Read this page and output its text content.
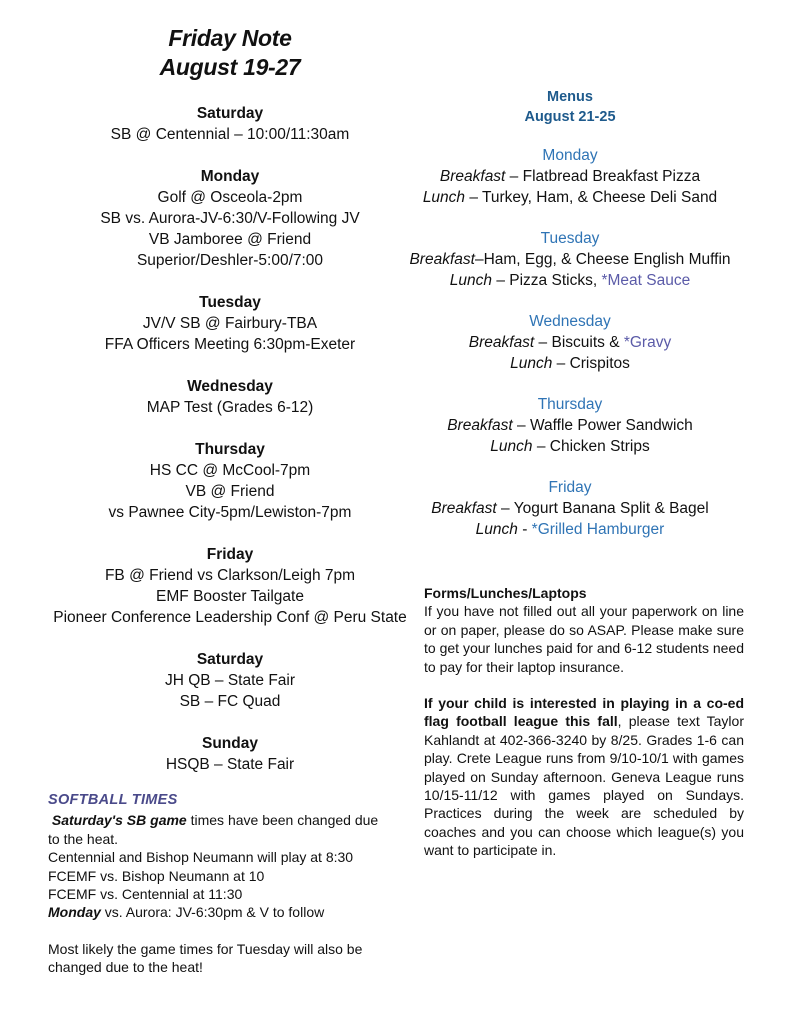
Friday Note
August 19-27
Saturday
SB @ Centennial – 10:00/11:30am
Monday
Golf @ Osceola-2pm
SB vs. Aurora-JV-6:30/V-Following JV
VB Jamboree @ Friend
Superior/Deshler-5:00/7:00
Tuesday
JV/V SB @ Fairbury-TBA
FFA Officers Meeting 6:30pm-Exeter
Wednesday
MAP Test (Grades 6-12)
Thursday
HS CC @ McCool-7pm
VB @ Friend
vs Pawnee City-5pm/Lewiston-7pm
Friday
FB @ Friend vs Clarkson/Leigh 7pm
EMF Booster Tailgate
Pioneer Conference Leadership Conf @ Peru State
Saturday
JH QB – State Fair
SB – FC Quad
Sunday
HSQB – State Fair
Menus
August 21-25
Monday
Breakfast – Flatbread Breakfast Pizza
Lunch – Turkey, Ham, & Cheese Deli Sand
Tuesday
Breakfast–Ham, Egg, & Cheese English Muffin
Lunch – Pizza Sticks, *Meat Sauce
Wednesday
Breakfast – Biscuits & *Gravy
Lunch – Crispitos
Thursday
Breakfast – Waffle Power Sandwich
Lunch – Chicken Strips
Friday
Breakfast – Yogurt Banana Split & Bagel
Lunch - *Grilled Hamburger
Forms/Lunches/Laptops

If you have not filled out all your paperwork on line or on paper, please do so ASAP. Please make sure to get your lunches paid for and 6-12 students need to pay for their laptop insurance.

If your child is interested in playing in a co-ed flag football league this fall, please text Taylor Kahlandt at 402-366-3240 by 8/25. Grades 1-6 can play. Crete League runs from 9/10-10/1 with games played on Sunday afternoon. Geneva League runs 10/15-11/12 with games played on Sundays. Practices during the week are scheduled by coaches and you can choose which league(s) you want to participate in.

SOFTBALL TIMES

Saturday's SB game times have been changed due to the heat.

Centennial and Bishop Neumann will play at 8:30
FCEMF vs. Bishop Neumann at 10
FCEMF vs. Centennial at 11:30

Monday vs. Aurora: JV-6:30pm & V to follow

Most likely the game times for Tuesday will also be changed due to the heat!
